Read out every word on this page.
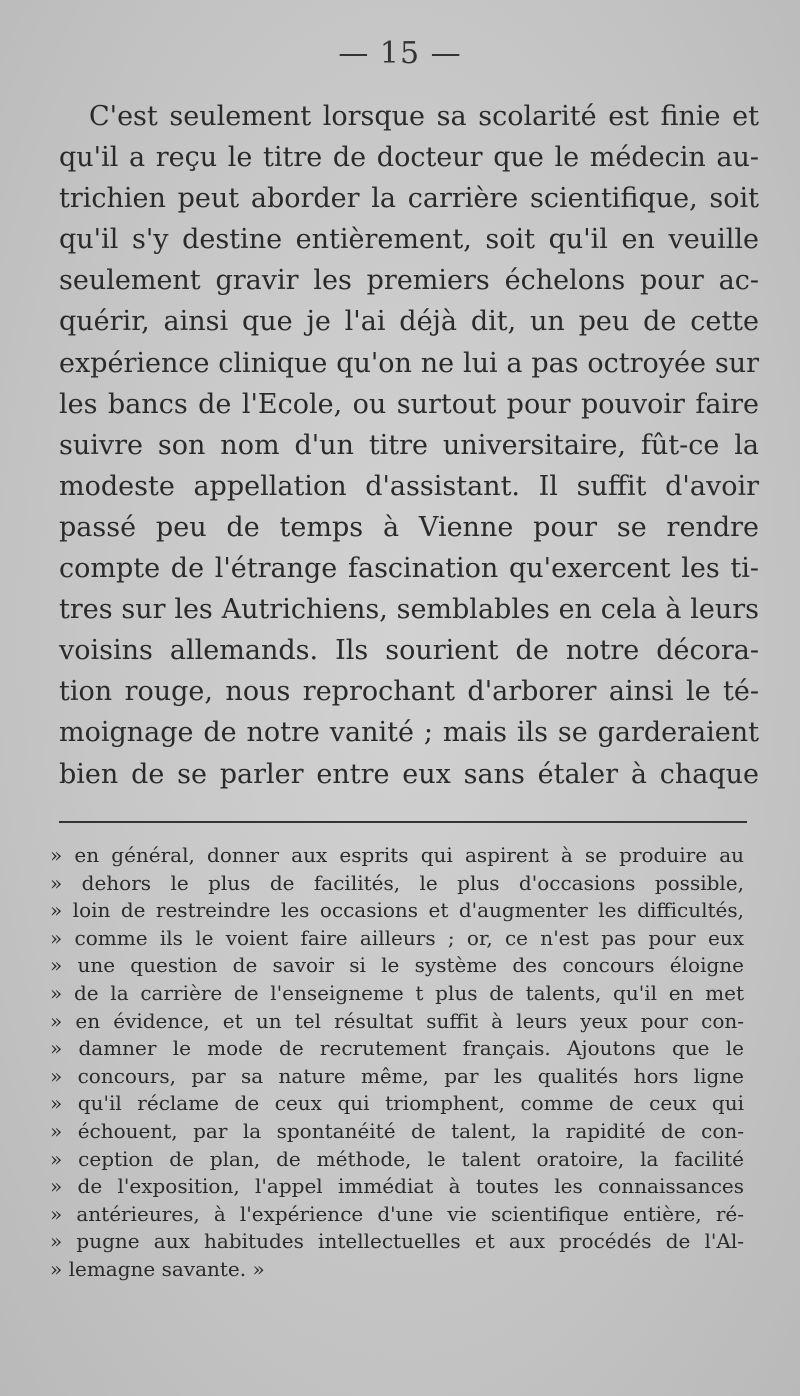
— 15 —
C'est seulement lorsque sa scolarité est finie et
qu'il a reçu le titre de docteur que le médecin au-
trichien peut aborder la carrière scientifique, soit
qu'il s'y destine entièrement, soit qu'il en veuille
seulement gravir les premiers échelons pour ac-
quérir, ainsi que je l'ai déjà dit, un peu de cette
expérience clinique qu'on ne lui a pas octroyée sur
les bancs de l'Ecole, ou surtout pour pouvoir faire
suivre son nom d'un titre universitaire, fût-ce la
modeste appellation d'assistant. Il suffit d'avoir
passé peu de temps à Vienne pour se rendre
compte de l'étrange fascination qu'exercent les ti-
tres sur les Autrichiens, semblables en cela à leurs
voisins allemands. Ils sourient de notre décora-
tion rouge, nous reprochant d'arborer ainsi le té-
moignage de notre vanité ; mais ils se garderaient
bien de se parler entre eux sans étaler à chaque
» en général, donner aux esprits qui aspirent à se produire au
» dehors le plus de facilités, le plus d'occasions possible,
» loin de restreindre les occasions et d'augmenter les difficultés,
» comme ils le voient faire ailleurs ; or, ce n'est pas pour eux
» une question de savoir si le système des concours éloigne
» de la carrière de l'enseigneme t plus de talents, qu'il en met
» en évidence, et un tel résultat suffit à leurs yeux pour con-
» damner le mode de recrutement français. Ajoutons que le
» concours, par sa nature même, par les qualités hors ligne
» qu'il réclame de ceux qui triomphent, comme de ceux qui
» échouent, par la spontanéité de talent, la rapidité de con-
» ception de plan, de méthode, le talent oratoire, la facilité
» de l'exposition, l'appel immédiat à toutes les connaissances
» antérieures, à l'expérience d'une vie scientifique entière, ré-
» pugne aux habitudes intellectuelles et aux procédés de l'Al-
» lemagne savante. »
